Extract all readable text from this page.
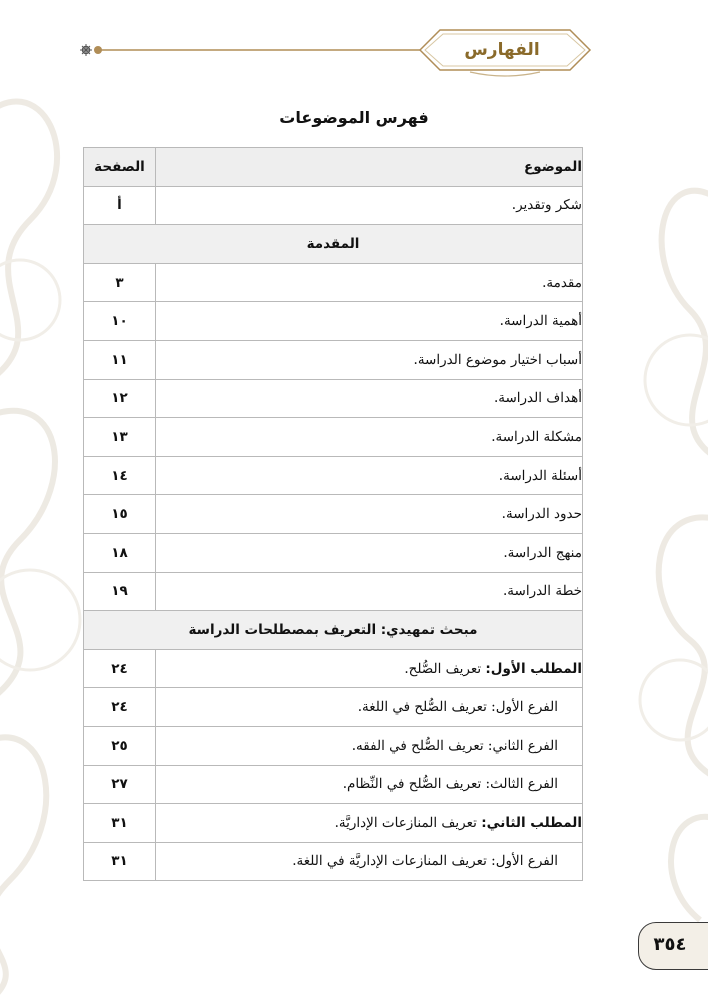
الفهارس
فهرس الموضوعات
الموضوع	الصفحة
شكر وتقدير.	أ
المقدمة	
مقدمة.	٣
أهمية الدراسة.	١٠
أسباب اختيار موضوع الدراسة.	١١
أهداف الدراسة.	١٢
مشكلة الدراسة.	١٣
أسئلة الدراسة.	١٤
حدود الدراسة.	١٥
منهج الدراسة.	١٨
خطة الدراسة.	١٩
مبحث تمهيدي: التعريف بمصطلحات الدراسة	
المطلب الأول: تعريف الصُّلح.	٢٤
الفرع الأول: تعريف الصُّلح في اللغة.	٢٤
الفرع الثاني: تعريف الصُّلح في الفقه.	٢٥
الفرع الثالث: تعريف الصُّلح في النِّظام.	٢٧
المطلب الثاني: تعريف المنازعات الإداريَّة.	٣١
الفرع الأول: تعريف المنازعات الإداريَّة في اللغة.	٣١
٣٥٤
